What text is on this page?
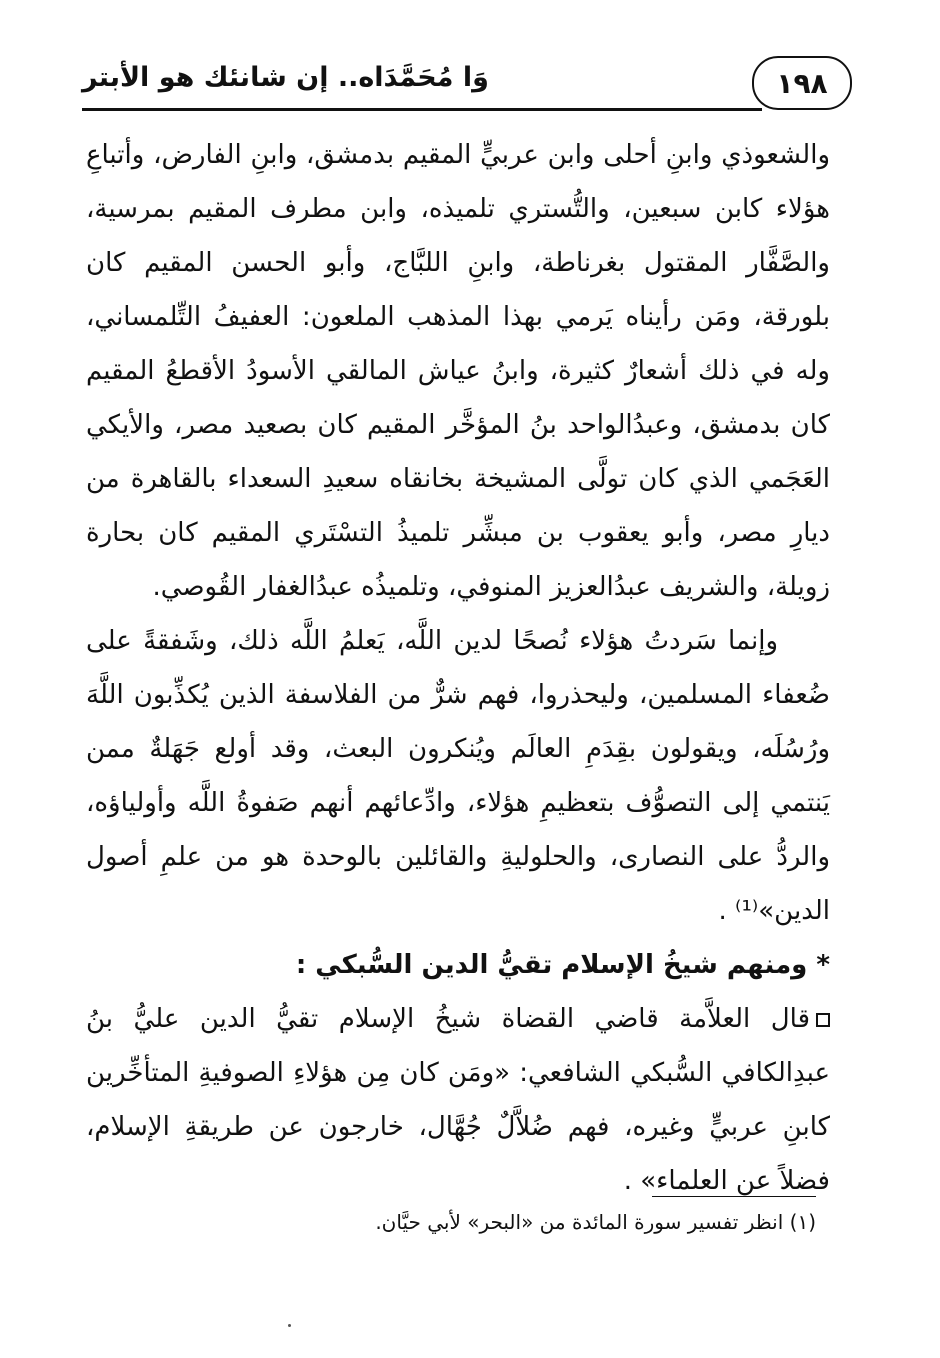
١٩٨
وَا مُحَمَّدَاه.. إن شانئك هو الأبتر

والشعوذي وابنِ أحلى وابن عربيٍّ المقيم بدمشق، وابنِ الفارض، وأتباعِ هؤلاء كابن سبعين، والتُّستري تلميذه، وابن مطرف المقيم بمرسية، والصَّفَّار المقتول بغرناطة، وابنِ اللبَّاج، وأبو الحسن المقيم كان بلورقة، ومَن رأيناه يَرمي بهذا المذهب الملعون: العفيفُ التِّلمساني، وله في ذلك أشعارٌ كثيرة، وابنُ عياش المالقي الأسودُ الأقطعُ المقيم كان بدمشق، وعبدُالواحد بنُ المؤخَّر المقيم كان بصعيد مصر، والأيكي العَجَمي الذي كان تولَّى المشيخة بخانقاه سعيدِ السعداء بالقاهرة من ديارِ مصر، وأبو يعقوب بن مبشِّر تلميذُ التسْتَري المقيم كان بحارة زويلة، والشريف عبدُالعزيز المنوفي، وتلميذُه عبدُالغفار القُوصي.

وإنما سَردتُ هؤلاء نُصحًا لدين اللَّه، يَعلمُ اللَّه ذلك، وشَفقةً على ضُعفاء المسلمين، وليحذروا، فهم شرٌّ من الفلاسفة الذين يُكذِّبون اللَّهَ ورُسُلَه، ويقولون بقِدَمِ العالَم ويُنكرون البعث، وقد أولع جَهَلةٌ ممن يَنتمي إلى التصوُّف بتعظيمِ هؤلاء، وادِّعائهم أنهم صَفوةُ اللَّه وأولياؤه، والردُّ على النصارى، والحلوليةِ والقائلين بالوحدة هو من علمِ أصول الدين»⁽¹⁾ .

* ومنهم شيخُ الإسلام تقيُّ الدين السُّبكي :

قال العلاَّمة قاضي القضاة شيخُ الإسلام تقيُّ الدين عليُّ بنُ عبدِالكافي السُّبكي الشافعي: «ومَن كان مِن هؤلاءِ الصوفيةِ المتأخِّرين كابنِ عربيٍّ وغيره، فهم ضُلاَّلٌ جُهَّال، خارجون عن طريقةِ الإسلام، فضلاً عن العلماء» .

(١) انظر تفسير سورة المائدة من «البحر» لأبي حيَّان.
